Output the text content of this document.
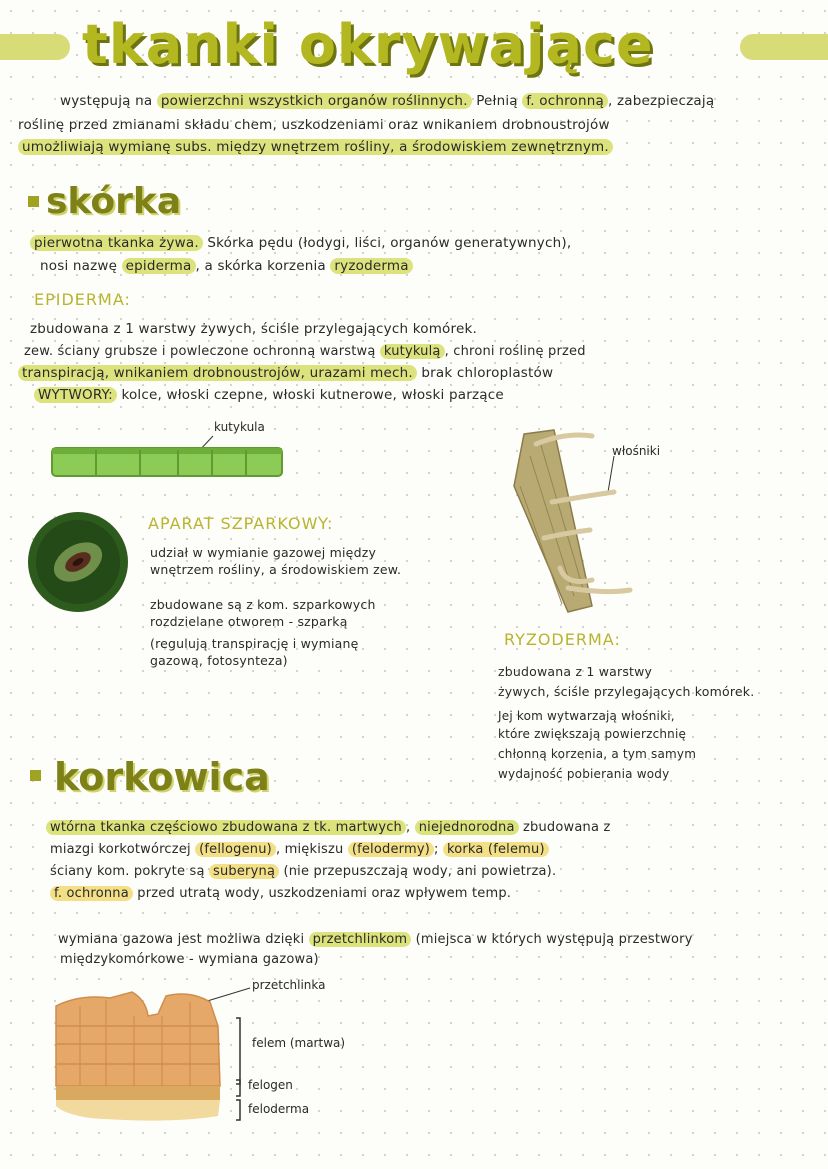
tkanki okrywające
występują na powierzchni wszystkich organów roślinnych. Pełnią f. ochronną , zabezpieczają
roślinę przed zmianami składu chem, uszkodzeniami oraz wnikaniem drobnoustrojów
umożliwiają wymianę subs. między wnętrzem rośliny, a środowiskiem zewnętrznym.
skórka
pierwotna tkanka żywa. Skórka pędu (łodygi, liści, organów generatywnych),
nosi nazwę epiderma , a skórka korzenia ryzoderma
EPIDERMA:
zbudowana z 1 warstwy żywych, ściśle przylegających komórek.
zew. ściany grubsze i powleczone ochronną warstwą kutykulą , chroni roślinę przed
transpiracją, wnikaniem drobnoustrojów, urazami mech. brak chloroplastów
WYTWORY: kolce, włoski czepne, włoski kutnerowe, włoski parzące
kutykula
APARAT SZPARKOWY:
udział w wymianie gazowej między
wnętrzem rośliny, a środowiskiem zew.
zbudowane są z kom. szparkowych
rozdzielane otworem - szparką
(regulują transpirację i wymianę
gazową, fotosynteza)
włośniki
RYZODERMA:
zbudowana z 1 warstwy
żywych, ściśle przylegających komórek.
Jej kom wytwarzają włośniki,
które zwiększają powierzchnię
chłonną korzenia, a tym samym
wydajność pobierania wody
korkowica
wtórna tkanka częściowo zbudowana z tk. martwych , niejednorodna zbudowana z
miazgi korkotwórczej (fellogenu) , miękiszu (felodermy) ; korka (felemu)
ściany kom. pokryte są suberyną (nie przepuszczają wody, ani powietrza).
f. ochronna przed utratą wody, uszkodzeniami oraz wpływem temp.
wymiana gazowa jest możliwa dzięki przetchlinkom (miejsca w których występują przestwory
międzykomórkowe - wymiana gazowa)
przetchlinka
felem (martwa)
felogen
feloderma
